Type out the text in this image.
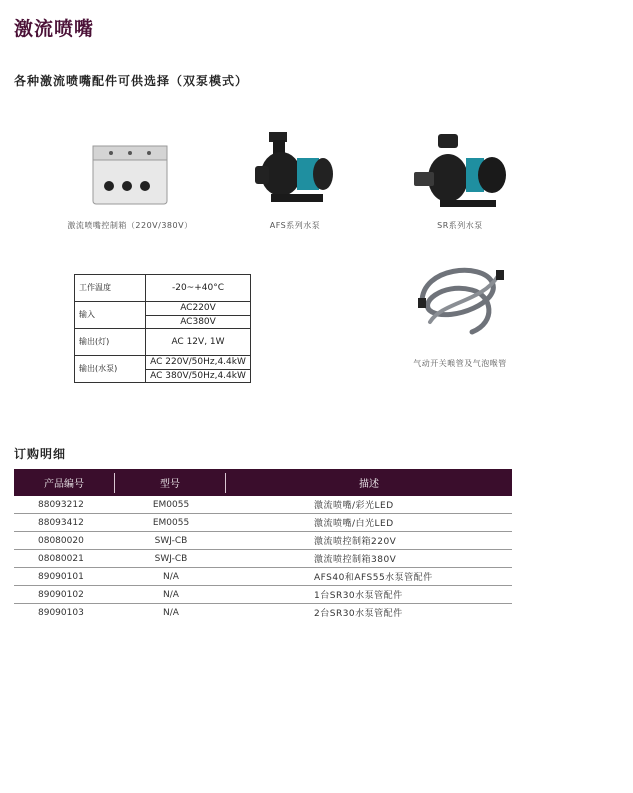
激流喷嘴
各种激流喷嘴配件可供选择（双泵模式）
激流喷嘴控制箱（220V/380V）	AFS系列水泵	SR系列水泵
气动开关喉管及气泡喉管
工作温度	-20~+40°C
输入	AC220V
	AC380V
输出(灯)	AC 12V, 1W
输出(水泵)	AC 220V/50Hz,4.4kW
	AC 380V/50Hz,4.4kW
订购明细
产品编号	型号	描述
88093212	EM0055	激流喷嘴/彩光LED
88093412	EM0055	激流喷嘴/白光LED
08080020	SWJ-CB	激流喷控制箱220V
08080021	SWJ-CB	激流喷控制箱380V
89090101	N/A	AFS40和AFS55水泵管配件
89090102	N/A	1台SR30水泵管配件
89090103	N/A	2台SR30水泵管配件
